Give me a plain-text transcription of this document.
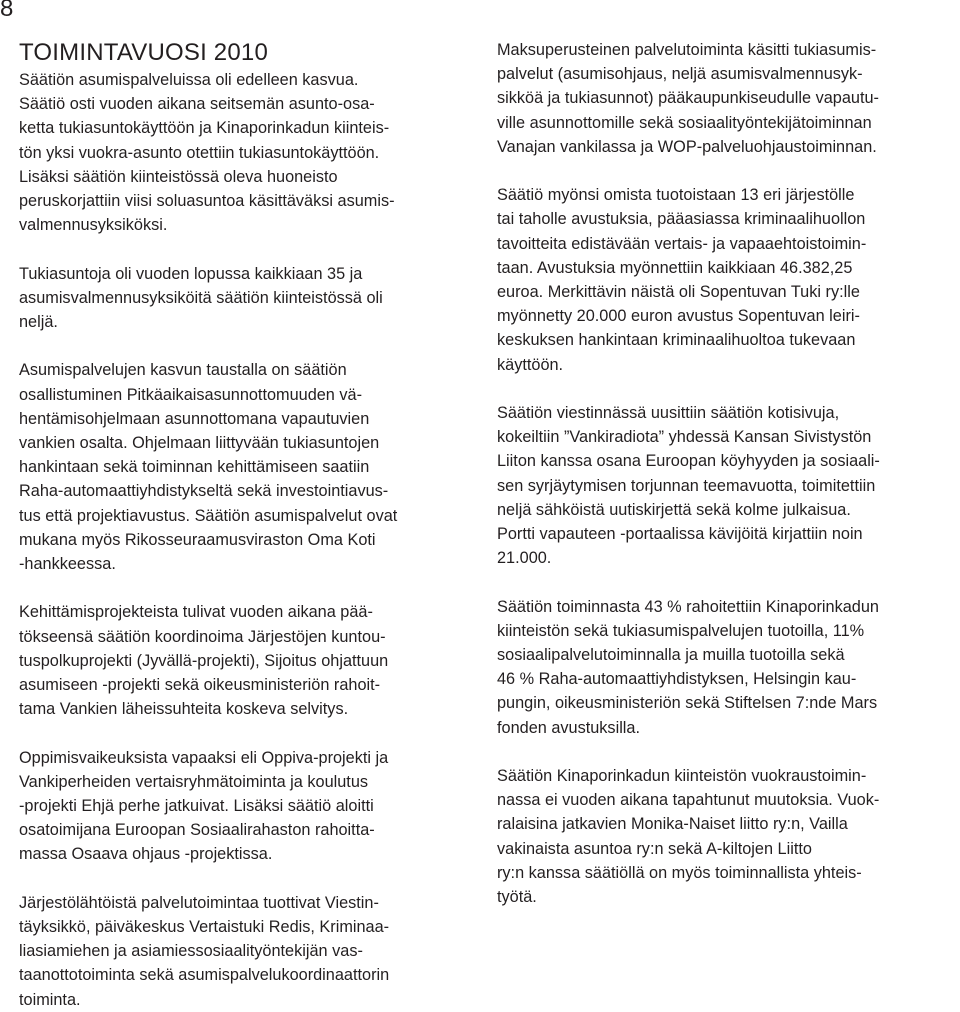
8
TOIMINTAVUOSI 2010
Säätiön asumispalveluissa oli edelleen kasvua.
Säätiö osti vuoden aikana seitsemän asunto-osa-
ketta tukiasuntokäyttöön ja Kinaporinkadun kiinteis-
tön yksi vuokra-asunto otettiin tukiasuntokäyttöön.
Lisäksi säätiön kiinteistössä oleva huoneisto
peruskorjattiin viisi soluasuntoa käsittäväksi asumis-
valmennusyksiköksi.
Tukiasuntoja oli vuoden lopussa kaikkiaan 35 ja
asumisvalmennusyksiköitä säätiön kiinteistössä oli
neljä.
Asumispalvelujen kasvun taustalla on säätiön
osallistuminen Pitkäaikaisasunnottomuuden vä-
hentämisohjelmaan asunnottomana vapautuvien
vankien osalta. Ohjelmaan liittyvään tukiasuntojen
hankintaan sekä toiminnan kehittämiseen saatiin
Raha-automaattiyhdistykseltä sekä investointiavus-
tus että projektiavustus. Säätiön asumispalvelut ovat
mukana myös Rikosseuraamusviraston Oma Koti
-hankkeessa.
Kehittämisprojekteista tulivat vuoden aikana pää-
tökseensä säätiön koordinoima Järjestöjen kuntou-
tuspolkuprojekti (Jyvällä-projekti), Sijoitus ohjattuun
asumiseen -projekti sekä oikeusministeriön rahoit-
tama Vankien läheissuhteita koskeva selvitys.
Oppimisvaikeuksista vapaaksi eli Oppiva-projekti ja
Vankiperheiden vertaisryhmätoiminta ja koulutus
-projekti Ehjä perhe jatkuivat. Lisäksi säätiö aloitti
osatoimijana Euroopan Sosiaalirahaston rahoitta-
massa Osaava ohjaus -projektissa.
Järjestölähtöistä palvelutoimintaa tuottivat Viestin-
täyksikkö, päiväkeskus Vertaistuki Redis, Kriminaa-
liasiamiehen ja asiamiessosiaalityöntekijän vas-
taanottotoiminta sekä asumispalvelukoordinaattorin
toiminta.
Maksuperusteinen palvelutoiminta käsitti tukiasumis-
palvelut (asumisohjaus, neljä asumisvalmennusyk-
sikköä ja tukiasunnot) pääkaupunkiseudulle vapautu-
ville asunnottomille sekä sosiaalityöntekijätoiminnan
Vanajan vankilassa ja WOP-palveluohjaustoiminnan.
Säätiö myönsi omista tuotoistaan 13 eri järjestölle
tai taholle avustuksia, pääasiassa kriminaalihuollon
tavoitteita edistävään vertais- ja vapaaehtoistoimin-
taan. Avustuksia myönnettiin kaikkiaan 46.382,25
euroa. Merkittävin näistä oli Sopentuvan Tuki ry:lle
myönnetty 20.000 euron avustus Sopentuvan leiri-
keskuksen hankintaan kriminaalihuoltoa tukevaan
käyttöön.
Säätiön viestinnässä uusittiin säätiön kotisivuja,
kokeiltiin ”Vankiradiota” yhdessä Kansan Sivistystön
Liiton kanssa osana Euroopan köyhyyden ja sosiaali-
sen syrjäytymisen torjunnan teemavuotta, toimitettiin
neljä sähköistä uutiskirjettä sekä kolme julkaisua.
Portti vapauteen -portaalissa kävijöitä kirjattiin noin
21.000.
Säätiön toiminnasta 43 % rahoitettiin Kinaporinkadun
kiinteistön sekä tukiasumispalvelujen tuotoilla, 11%
sosiaalipalvelutoiminnalla ja muilla tuotoilla sekä
46 % Raha-automaattiyhdistyksen, Helsingin kau-
pungin, oikeusministeriön sekä Stiftelsen 7:nde Mars
fonden avustuksilla.
Säätiön Kinaporinkadun kiinteistön vuokraustoimin-
nassa ei vuoden aikana tapahtunut muutoksia. Vuok-
ralaisina jatkavien Monika-Naiset liitto ry:n, Vailla
vakinaista asuntoa ry:n sekä A-kiltojen Liitto
ry:n kanssa säätiöllä on myös toiminnallista yhteis-
työtä.
